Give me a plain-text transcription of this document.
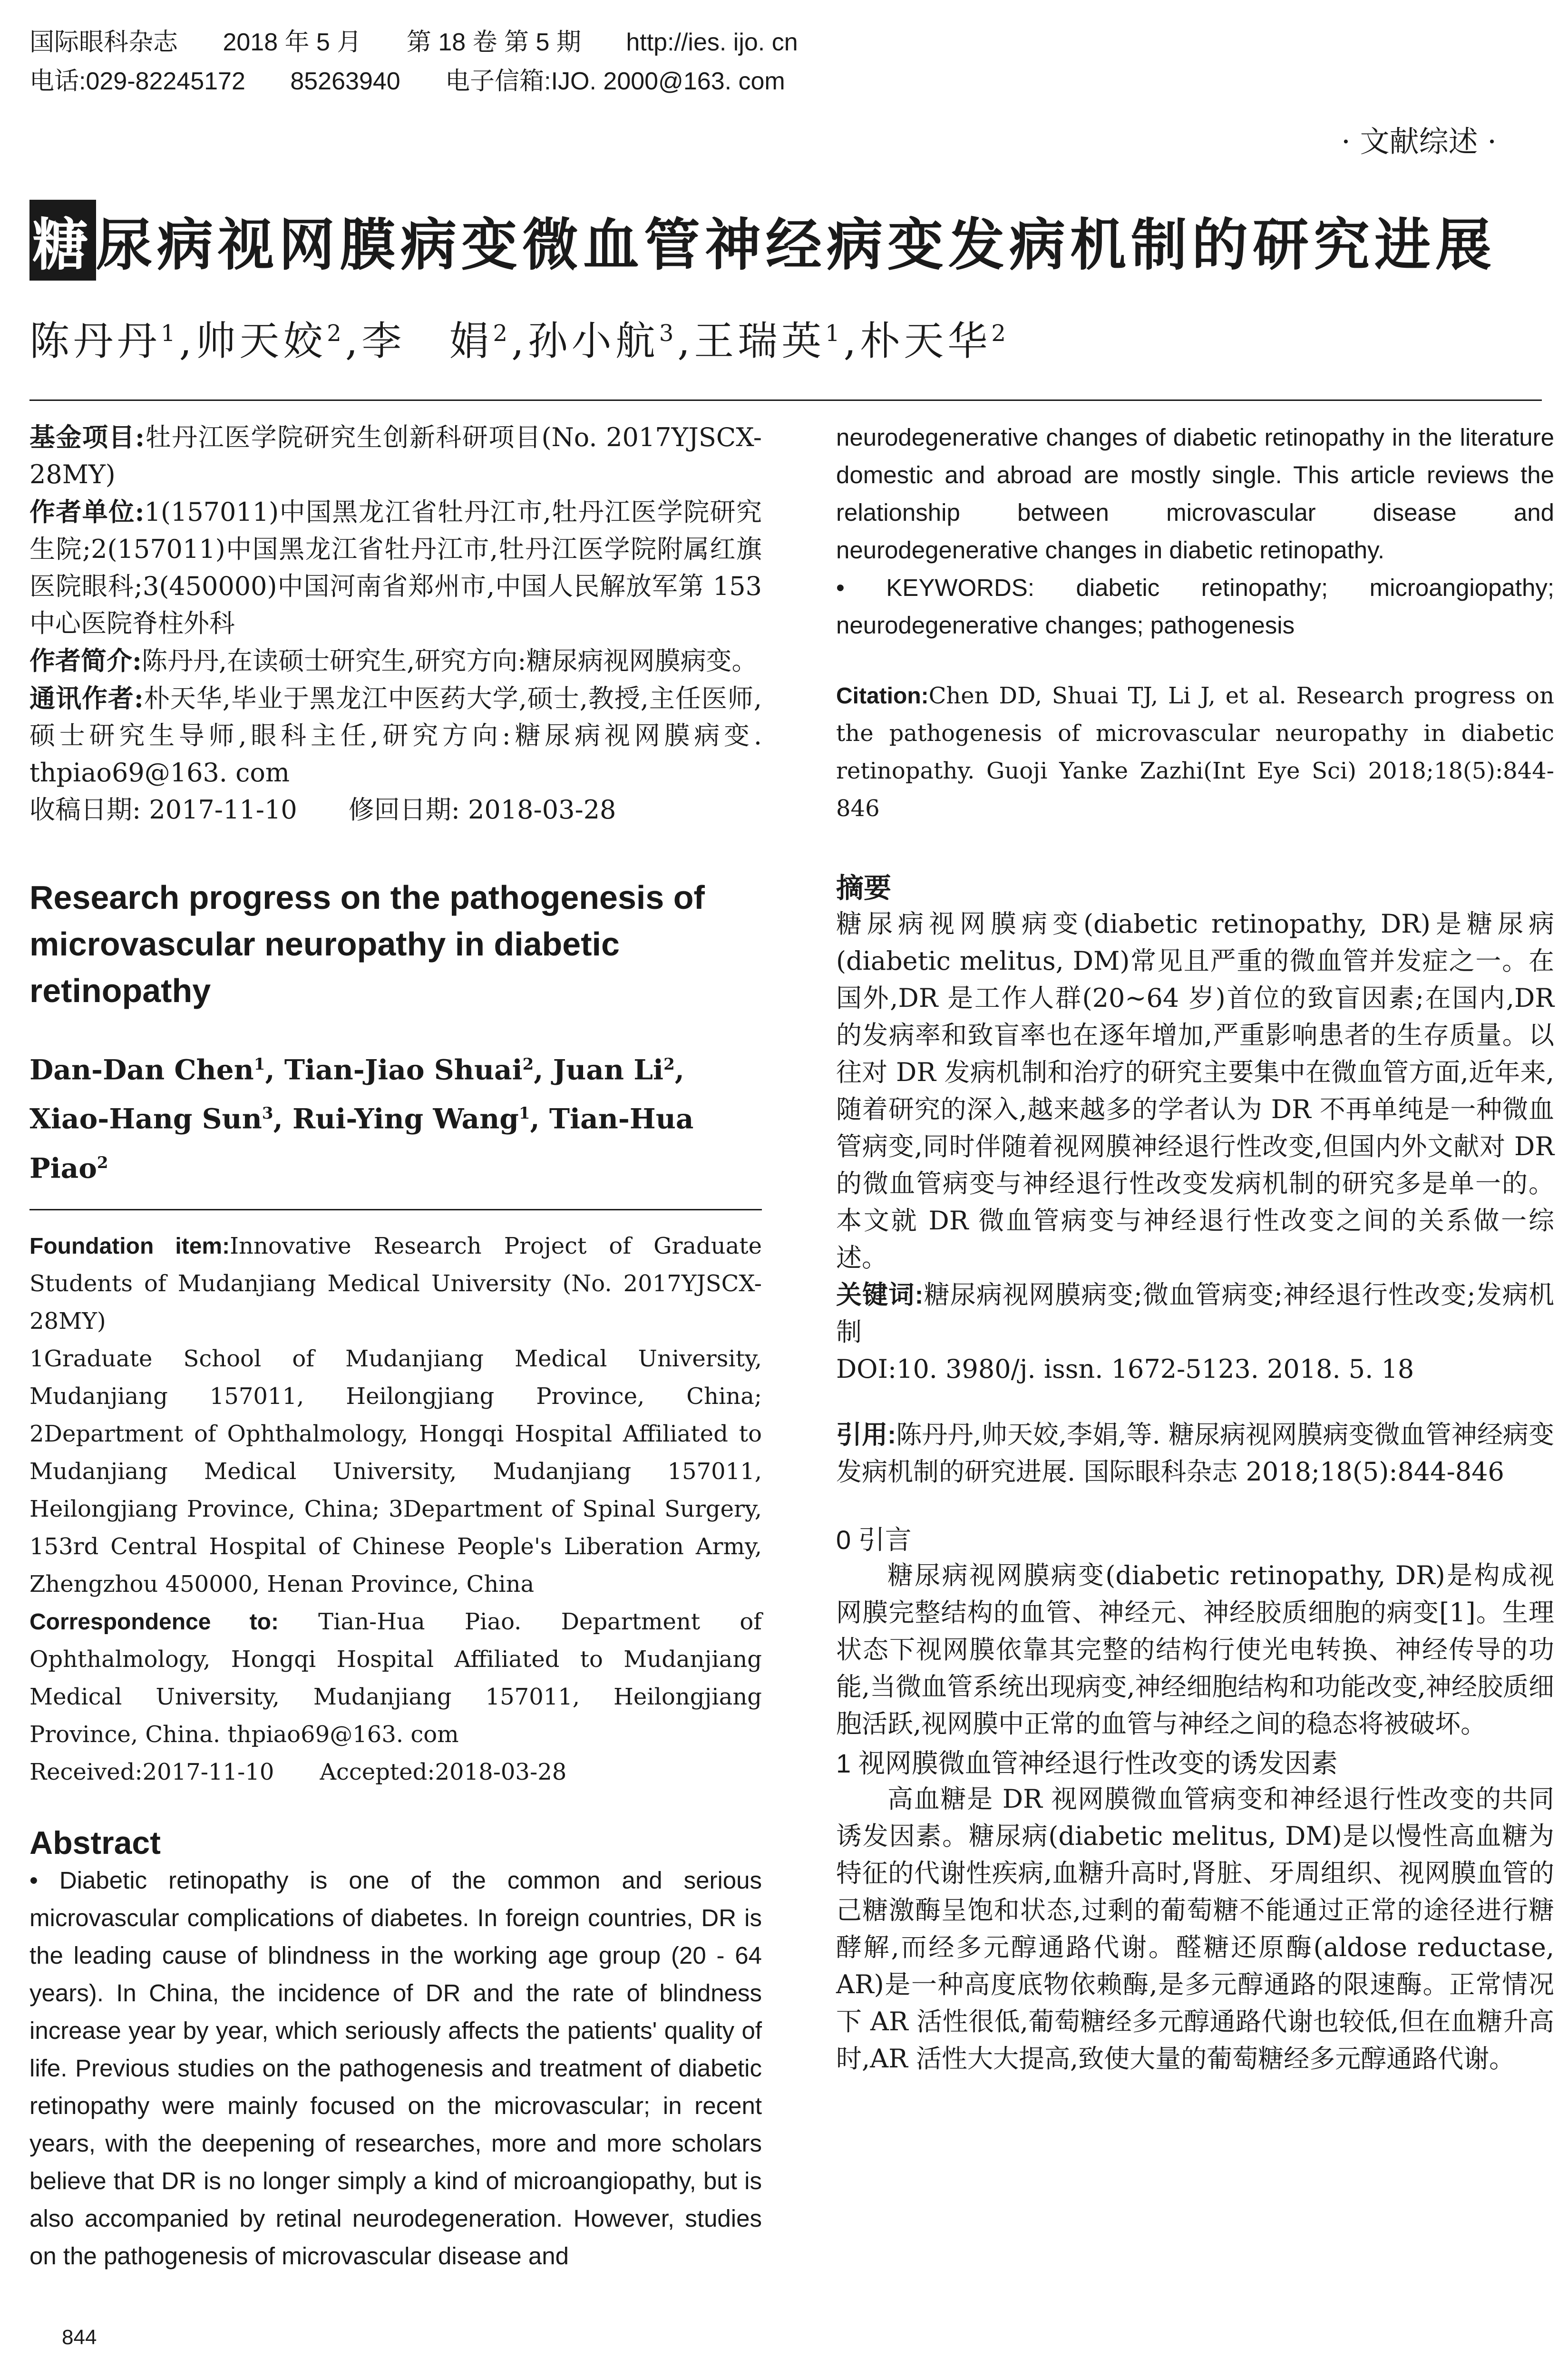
国际眼科杂志 2018 年 5 月 第 18 卷 第 5 期 http://ies. ijo. cn
电话:029-82245172 85263940 电子信箱:IJO. 2000@163. com
· 文献综述 ·
糖尿病视网膜病变微血管神经病变发病机制的研究进展
陈丹丹$^1$,帅天姣$^2$,李　娟$^2$,孙小航$^3$,王瑞英$^1$,朴天华$^2$

基金项目:牡丹江医学院研究生创新科研项目(No. 2017YJSCX-28MY)

作者单位:1(157011)中国黑龙江省牡丹江市,牡丹江医学院研究生院;2(157011)中国黑龙江省牡丹江市,牡丹江医学院附属红旗医院眼科;3(450000)中国河南省郑州市,中国人民解放军第 153 中心医院脊柱外科

作者简介:陈丹丹,在读硕士研究生,研究方向:糖尿病视网膜病变。

通讯作者:朴天华,毕业于黑龙江中医药大学,硕士,教授,主任医师,硕士研究生导师,眼科主任,研究方向:糖尿病视网膜病变. thpiao69@163. com

收稿日期: 2017-11-10　　修回日期: 2018-03-28

Research progress on the pathogenesis of microvascular neuropathy in diabetic retinopathy

Dan-Dan Chen$^1$, Tian-Jiao Shuai$^2$, Juan Li$^2$, Xiao-Hang Sun$^3$, Rui-Ying Wang$^1$, Tian-Hua Piao$^2$

Foundation item:Innovative Research Project of Graduate Students of Mudanjiang Medical University (No. 2017YJSCX-28MY)

1Graduate School of Mudanjiang Medical University, Mudanjiang 157011, Heilongjiang Province, China; 2Department of Ophthalmology, Hongqi Hospital Affiliated to Mudanjiang Medical University, Mudanjiang 157011, Heilongjiang Province, China; 3Department of Spinal Surgery, 153rd Central Hospital of Chinese People's Liberation Army, Zhengzhou 450000, Henan Province, China

Correspondence to: Tian-Hua Piao. Department of Ophthalmology, Hongqi Hospital Affiliated to Mudanjiang Medical University, Mudanjiang 157011, Heilongjiang Province, China. thpiao69@163. com

Received:2017-11-10　　Accepted:2018-03-28

Abstract

• Diabetic retinopathy is one of the common and serious microvascular complications of diabetes. In foreign countries, DR is the leading cause of blindness in the working age group (20 - 64 years). In China, the incidence of DR and the rate of blindness increase year by year, which seriously affects the patients' quality of life. Previous studies on the pathogenesis and treatment of diabetic retinopathy were mainly focused on the microvascular; in recent years, with the deepening of researches, more and more scholars believe that DR is no longer simply a kind of microangiopathy, but is also accompanied by retinal neurodegeneration. However, studies on the pathogenesis of microvascular disease and

844

neurodegenerative changes of diabetic retinopathy in the literature domestic and abroad are mostly single. This article reviews the relationship between microvascular disease and neurodegenerative changes in diabetic retinopathy.

• KEYWORDS: diabetic retinopathy; microangiopathy; neurodegenerative changes; pathogenesis

Citation:Chen DD, Shuai TJ, Li J, et al. Research progress on the pathogenesis of microvascular neuropathy in diabetic retinopathy. Guoji Yanke Zazhi(Int Eye Sci) 2018;18(5):844-846

摘要

糖尿病视网膜病变(diabetic retinopathy, DR)是糖尿病(diabetic melitus, DM)常见且严重的微血管并发症之一。在国外,DR 是工作人群(20~64 岁)首位的致盲因素;在国内,DR 的发病率和致盲率也在逐年增加,严重影响患者的生存质量。以往对 DR 发病机制和治疗的研究主要集中在微血管方面,近年来,随着研究的深入,越来越多的学者认为 DR 不再单纯是一种微血管病变,同时伴随着视网膜神经退行性改变,但国内外文献对 DR 的微血管病变与神经退行性改变发病机制的研究多是单一的。本文就 DR 微血管病变与神经退行性改变之间的关系做一综述。

关键词:糖尿病视网膜病变;微血管病变;神经退行性改变;发病机制

DOI:10. 3980/j. issn. 1672-5123. 2018. 5. 18

引用:陈丹丹,帅天姣,李娟,等. 糖尿病视网膜病变微血管神经病变发病机制的研究进展. 国际眼科杂志 2018;18(5):844-846

0 引言

糖尿病视网膜病变(diabetic retinopathy, DR)是构成视网膜完整结构的血管、神经元、神经胶质细胞的病变[1]。生理状态下视网膜依靠其完整的结构行使光电转换、神经传导的功能,当微血管系统出现病变,神经细胞结构和功能改变,神经胶质细胞活跃,视网膜中正常的血管与神经之间的稳态将被破坏。

1 视网膜微血管神经退行性改变的诱发因素

高血糖是 DR 视网膜微血管病变和神经退行性改变的共同诱发因素。糖尿病(diabetic melitus, DM)是以慢性高血糖为特征的代谢性疾病,血糖升高时,肾脏、牙周组织、视网膜血管的己糖激酶呈饱和状态,过剩的葡萄糖不能通过正常的途径进行糖酵解,而经多元醇通路代谢。醛糖还原酶(aldose reductase, AR)是一种高度底物依赖酶,是多元醇通路的限速酶。正常情况下 AR 活性很低,葡萄糖经多元醇通路代谢也较低,但在血糖升高时,AR 活性大大提高,致使大量的葡萄糖经多元醇通路代谢。
